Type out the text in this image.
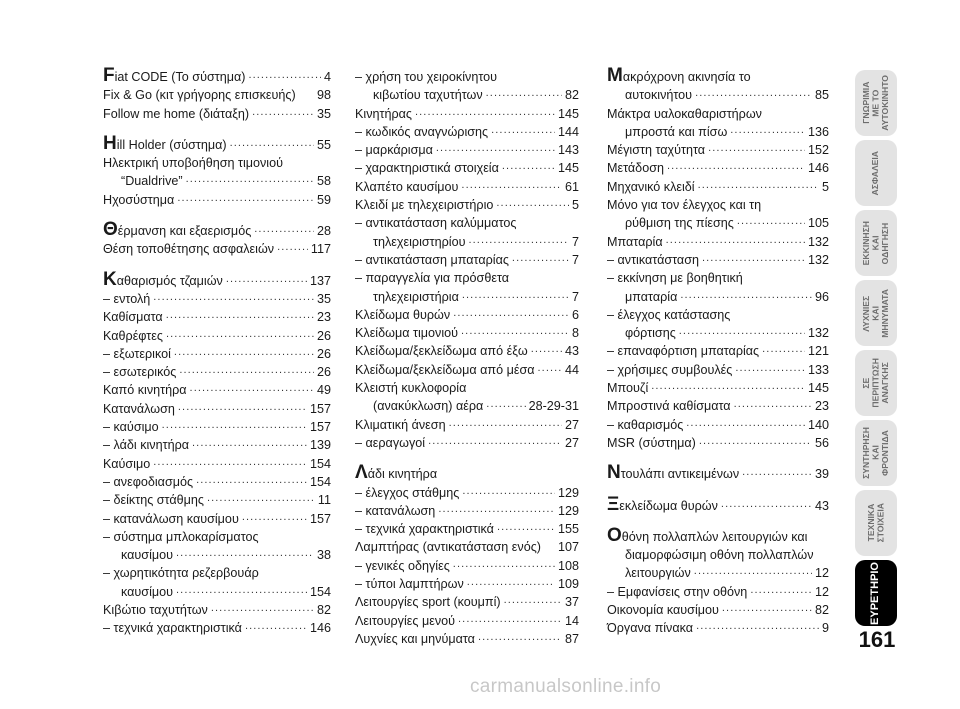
F iat CODE (Το σύστημα) .....	4
Fix & Go (κιτ γρήγορης επισκευής) 98
Follow me home (διάταξη) .....	35
H ill Holder (σύστημα) .....	55
Ηλεκτρική υποβοήθηση τιμονιού
“Dualdrive” .....	58
Ηχοσύστημα .....	59
Θ έρμανση και εξαερισμός .....	28
Θέση τοποθέτησης ασφαλειών .....	117
K αθαρισμός τζαμιών .....	137
– εντολή .....	35
Καθίσματα .....	23
Καθρέφτες .....	26
– εξωτερικοί .....	26
– εσωτερικός .....	26
Καπό κινητήρα .....	49
Κατανάλωση .....	157
– καύσιμο .....	157
– λάδι κινητήρα .....	139
Καύσιμο .....	154
– ανεφοδιασμός .....	154
– δείκτης στάθμης .....	11
– κατανάλωση καυσίμου .....	157
– σύστημα μπλοκαρίσματος
καυσίμου .....	38
– χωρητικότητα ρεζερβουάρ
καυσίμου .....	154
Κιβώτιο ταχυτήτων .....	82
– τεχνικά χαρακτηριστικά .....	146
– χρήση του χειροκίνητου
κιβωτίου ταχυτήτων .....	82
Κινητήρας .....	145
– κωδικός αναγνώρισης .....	144
– μαρκάρισμα .....	143
– χαρακτηριστικά στοιχεία .....	145
Κλαπέτο καυσίμου .....	61
Κλειδί με τηλεχειριστήριο .....	5
– αντικατάσταση καλύμματος
τηλεχειριστηρίου .....	7
– αντικατάσταση μπαταρίας .....	7
– παραγγελία για πρόσθετα
τηλεχειριστήρια .....	7
Κλείδωμα θυρών .....	6
Κλείδωμα τιμονιού .....	8
Κλείδωμα/ξεκλείδωμα από έξω .....	43
Κλείδωμα/ξεκλείδωμα από μέσα ..... 44
Κλειστή κυκλοφορία
(ανακύκλωση) αέρα .....	28-29-31
Κλιματική άνεση .....	27
– αεραγωγοί .....	27
Λ άδι κινητήρα
– έλεγχος στάθμης .....	129
– κατανάλωση .....	129
– τεχνικά χαρακτηριστικά .....	155
Λαμπτήρας (αντικατάσταση ενός) 107
– γενικές οδηγίες .....	108
– τύποι λαμπτήρων .....	109
Λειτουργίες sport (κουμπί) .....	37
Λειτουργίες μενού .....	14
Λυχνίες και μηνύματα .....	87
Mακρόχρονη ακινησία το
αυτοκινήτου .....	85
Μάκτρα υαλοκαθαριστήρων
μπροστά και πίσω .....	136
Μέγιστη ταχύτητα .....	152
Μετάδοση .....	146
Μηχανικό κλειδί .....	5
Μόνο για τον έλεγχος και τη
ρύθμιση της πίεσης .....	105
Μπαταρία .....	132
– αντικατάσταση .....	132
– εκκίνηση με βοηθητική
μπαταρία .....	96
– έλεγχος κατάστασης
φόρτισης .....	132
– επαναφόρτιση μπαταρίας .....	121
– χρήσιμες συμβουλές .....	133
Μπουζί .....	145
Μπροστινά καθίσματα .....	23
– καθαρισμός .....	140
MSR (σύστημα) .....	56
N τουλάπι αντικειμένων .....	39
Ξ εκλείδωμα θυρών .....	43
Oθόνη πολλαπλών λειτουργιών και
διαμορφώσιμη οθόνη πολλαπλών
λειτουργιών .....	12
– Εμφανίσεις στην οθόνη .....	12
Οικονομία καυσίμου .....	82
Όργανα πίνακα .....	9
ΓΝΩΡΙΜΙΑ
ΜΕ ΤΟ
ΑΥΤΟΚΙΝΗΤΟ
ΑΣΦΑΛΕΙΑ
ΕΚΚΙΝΗΣΗ
ΚΑΙ
ΟΔΗΓΗΣΗ
ΛΥΧΝΙΕΣ
ΚΑΙ
ΜΗΝΥΜΑΤΑ
ΣΕ
ΠΕΡΙΠΤΩΣΗ
ΑΝΑΓΚΗΣ
ΣΥΝΤΗΡΗΣΗ
ΚΑΙ
ΦΡΟΝΤΙΔΑ
ΤΕΧΝΙΚΑ
ΣΤΟΙΧΕΙΑ
ΕΥΡΕΤΗΡΙΟ
161
carmanualsonline.info
